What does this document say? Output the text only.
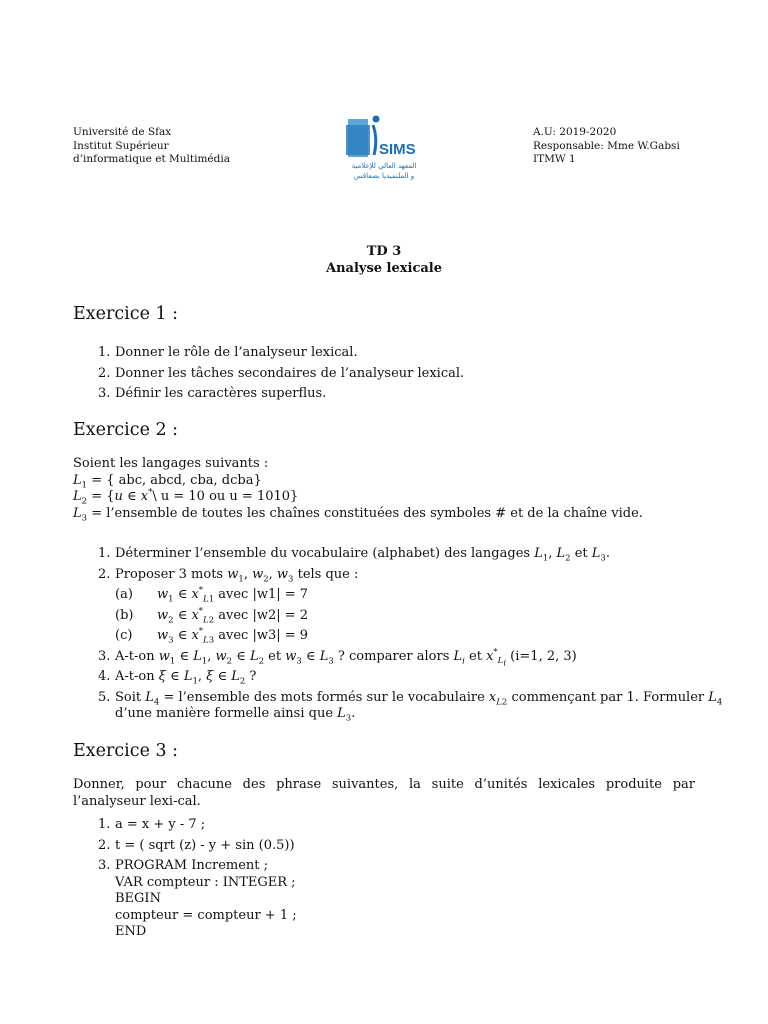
Université de Sfax
Institut Supérieur
d’informatique et Multimédia
SIMS
المعهد العالي للإعلامية
و الملتميديا بصفاقس
A.U: 2019-2020
Responsable: Mme W.Gabsi
ITMW 1
TD 3
Analyse lexicale
Exercice 1 :
1. Donner le rôle de l’analyseur lexical.
2. Donner les tâches secondaires de l’analyseur lexical.
3. Définir les caractères superflus.
Exercice 2 :
Soient les langages suivants :
$L_1$ = { abc, abcd, cba, dcba}
$L_2 = \{u$ ∈ x*\ u = 10 ou u = 1010}
$L_3$ = l’ensemble de toutes les chaînes constituées des symboles # et de la chaîne vide.
1. Déterminer l’ensemble du vocabulaire (alphabet) des langages $L_1$, $L_2$ et $L_3$.
2. Proposer 3 mots $w_1$, $w_2$, $w_3$ tels que :
(a) $w_1$ ∈ $x^*_{L1}$ avec |w1| = 7
(b) $w_2$ ∈ $x^*_{L2}$ avec |w2| = 2
(c) $w_3$ ∈ $x^*_{L3}$ avec |w3| = 9
3. A-t-on $w_1$ ∈ $L_1$, $w_2$ ∈ $L_2$ et $w_3$ ∈ $L_3$ ? comparer alors $L_i$ et $x^*_{L_i}$ (i=1, 2, 3)
4. A-t-on ξ ∈ $L_1$, ξ ∈ $L_2$ ?
5. Soit $L_4$ = l’ensemble des mots formés sur le vocabulaire $x_{L2}$ commençant par 1. Formuler $L_4$
d’une manière formelle ainsi que $L_3$.
Exercice 3 :
Donner, pour chacune des phrase suivantes, la suite d’unités lexicales produite par l’analyseur lexi-cal.
1. a = x + y - 7 ;
2. t = ( sqrt (z) - y + sin (0.5))
3. PROGRAM Increment ;
VAR compteur : INTEGER ;
BEGIN
compteur = compteur + 1 ;
END
